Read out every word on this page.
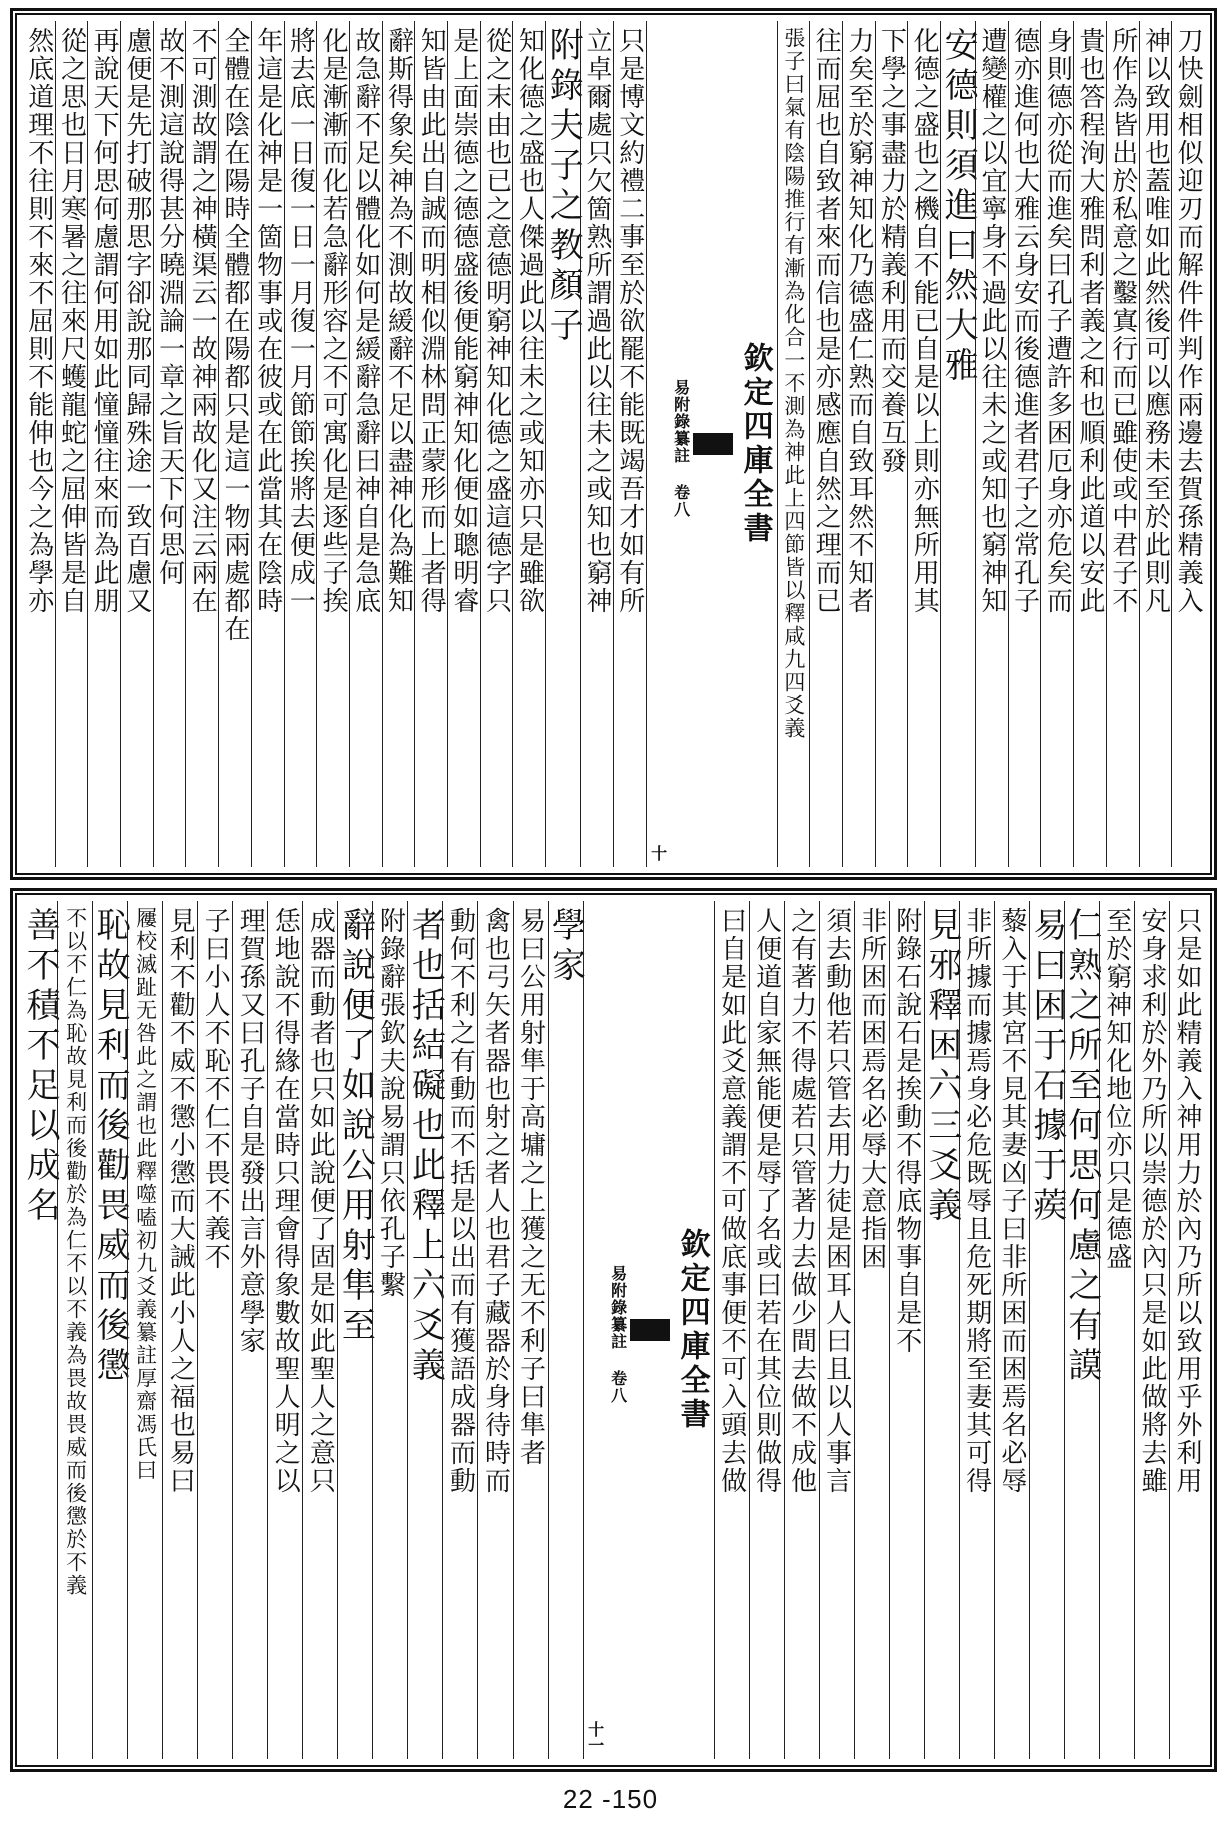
刀快劍相似迎刃而解件件判作兩邊去賀孫精義入
神以致用也蓋唯如此然後可以應務未至於此則凡
所作為皆出於私意之鑿寘行而已雖使或中君子不
貴也答程洵大雅問利者義之和也順利此道以安此
身則德亦從而進矣曰孔子遭許多困厄身亦危矣而
德亦進何也大雅云身安而後德進者君子之常孔子
遭變權之以宜寧身不過此以往未之或知也窮神知
安德則須進曰然大雅
化德之盛也之機自不能已自是以上則亦無所用其
下學之事盡力於精義利用而交養互發
力矣至於窮神知化乃德盛仁熟而自致耳然不知者
往而屈也自致者來而信也是亦感應自然之理而已
張子曰氣有陰陽推行有漸為化合一不測為神此上四節皆以釋咸九四爻義
欽定四庫全書
易附錄纂註 卷八
十
只是博文約禮二事至於欲罷不能既竭吾才如有所
立卓爾處只欠箇熟所謂過此以往未之或知也窮神
附錄夫子之教顏子
知化德之盛也人傑過此以往未之或知亦只是雖欲
從之末由也已之意德明窮神知化德之盛這德字只
是上面崇德之德德盛後便能窮神知化便如聰明睿
知皆由此出自誠而明相似淵林問正蒙形而上者得
辭斯得象矣神為不測故緩辭不足以盡神化為難知
故急辭不足以體化如何是緩辭急辭曰神自是急底
化是漸漸而化若急辭形容之不可寓化是逐些子挨
將去底一日復一日一月復一月節節挨將去便成一
年這是化神是一箇物事或在彼或在此當其在陰時
全體在陰在陽時全體都在陽都只是這一物兩處都在
不可測故謂之神橫渠云一故神兩故化又注云兩在
故不測這說得甚分曉淵論一章之旨天下何思何
慮便是先打破那思字卻說那同歸殊途一致百慮又
再說天下何思何慮謂何用如此憧憧往來而為此朋
從之思也日月寒暑之往來尺蠖龍蛇之屈伸皆是自
然底道理不往則不來不屈則不能伸也今之為學亦
只是如此精義入神用力於內乃所以致用乎外利用
安身求利於外乃所以崇德於內只是如此做將去雖
至於窮神知化地位亦只是德盛
仁熟之所至何思何慮之有謨
易曰困于石據于蒺
藜入于其宮不見其妻凶子曰非所困而困焉名必辱
非所據而據焉身必危既辱且危死期將至妻其可得
見邪釋困六三爻義
附錄石說石是挨動不得底物事自是不
非所困而困焉名必辱大意指困
須去動他若只管去用力徒是困耳人曰且以人事言
之有著力不得處若只管著力去做少間去做不成他
人便道自家無能便是辱了名或曰若在其位則做得
曰自是如此爻意義謂不可做底事便不可入頭去做
欽定四庫全書
易附錄纂註 卷八
十一
學家
易曰公用射隼于高墉之上獲之无不利子曰隼者
禽也弓矢者器也射之者人也君子藏器於身待時而
動何不利之有動而不括是以出而有獲語成器而動
者也括結礙也此釋上六爻義
附錄辭張欽夫說易謂只依孔子繫
辭說便了如說公用射隼至
成器而動者也只如此說便了固是如此聖人之意只
恁地說不得緣在當時只理會得象數故聖人明之以
理賀孫又曰孔子自是發出言外意學家
子曰小人不恥不仁不畏不義不
見利不勸不威不懲小懲而大誡此小人之福也易曰
屨校滅趾无咎此之謂也此釋噬嗑初九爻義纂註厚齋馮氏曰
恥故見利而後勸畏威而後懲
不以不仁為恥故見利而後勸於為仁不以不義為畏故畏威而後懲於不義
善不積不足以成名
22 -150
